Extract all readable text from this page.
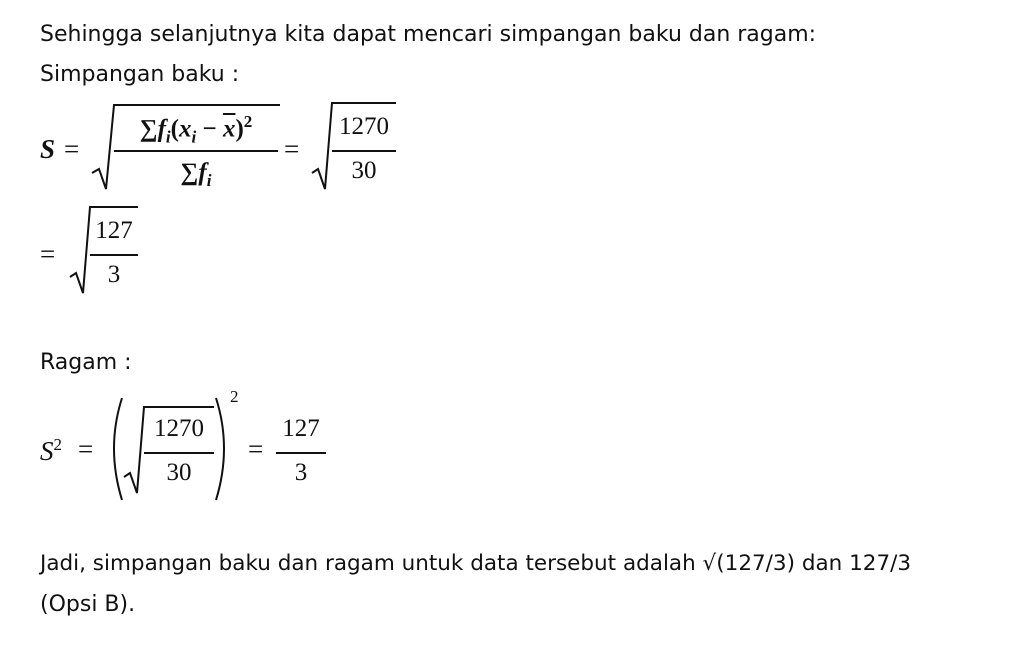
Sehingga selanjutnya kita dapat mencari simpangan baku dan ragam:
Simpangan baku :
S =
$\sum f_i(x_i - \overline{x})^2$
$\sum f_i$
=
1270
30
=
127
3
Ragam :
$S^2$ =
1270
30
2
=
127
3
Jadi, simpangan baku dan ragam untuk data tersebut adalah √(127/3) dan 127/3
(Opsi B).
